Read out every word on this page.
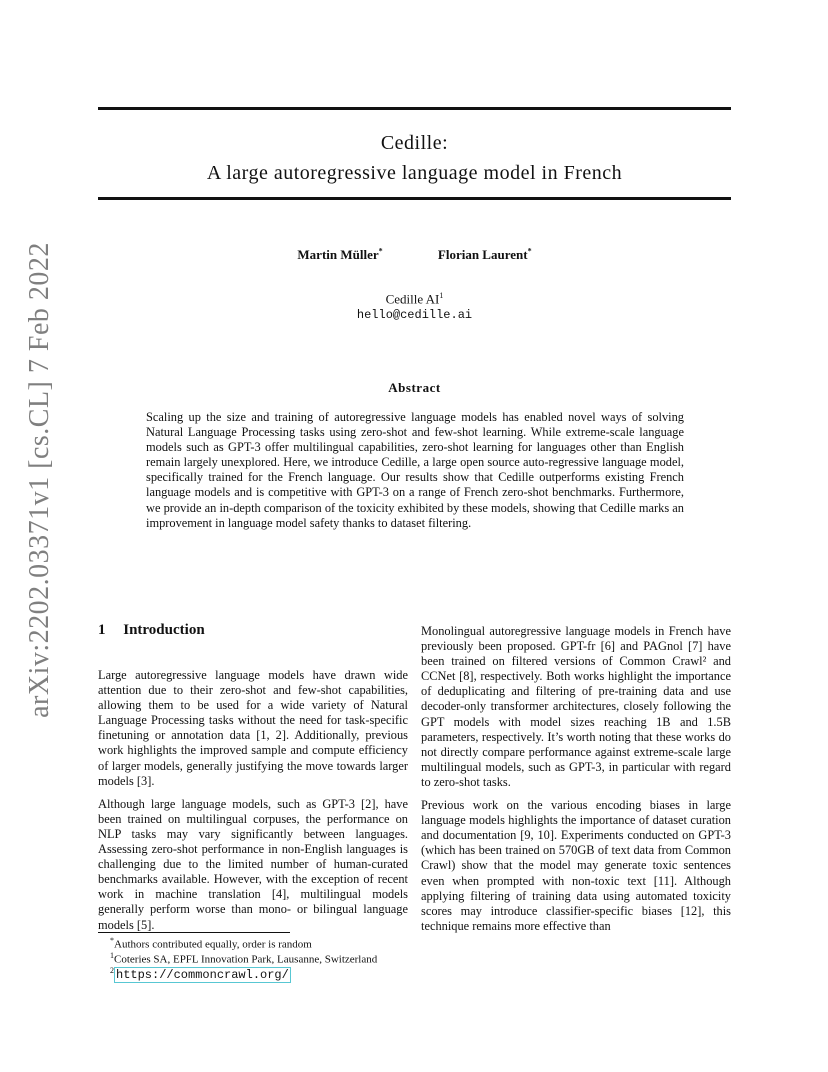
arXiv:2202.03371v1 [cs.CL] 7 Feb 2022
Cedille:
A large autoregressive language model in French
Martin Müller*	Florian Laurent*
Cedille $AI^1$
hello@cedille.ai
Abstract
Scaling up the size and training of autoregressive language models has enabled novel ways of solving Natural Language Processing tasks using zero-shot and few-shot learning. While extreme-scale language models such as GPT-3 offer multilingual capabilities, zero-shot learning for languages other than English remain largely unexplored. Here, we introduce Cedille, a large open source auto-regressive language model, specifically trained for the French language. Our results show that Cedille outperforms existing French language models and is competitive with GPT-3 on a range of French zero-shot benchmarks. Furthermore, we provide an in-depth comparison of the toxicity exhibited by these models, showing that Cedille marks an improvement in language model safety thanks to dataset filtering.
1 Introduction

Large autoregressive language models have drawn wide attention due to their zero-shot and few-shot capabilities, allowing them to be used for a wide variety of Natural Language Processing tasks without the need for task-specific finetuning or annotation data [1, 2]. Additionally, previous work highlights the improved sample and compute efficiency of larger models, generally justifying the move towards larger models [3].

Although large language models, such as GPT-3 [2], have been trained on multilingual corpuses, the performance on NLP tasks may vary significantly between languages. Assessing zero-shot performance in non-English languages is challenging due to the limited number of human-curated benchmarks available. However, with the exception of recent work in machine translation [4], multilingual models generally perform worse than mono- or bilingual language models [5].

Monolingual autoregressive language models in French have previously been proposed. GPT-fr [6] and PAGnol [7] have been trained on filtered versions of Common Crawl² and CCNet [8], respectively. Both works highlight the importance of deduplicating and filtering of pre-training data and use decoder-only transformer architectures, closely following the GPT models with model sizes reaching 1B and 1.5B parameters, respectively. It’s worth noting that these works do not directly compare performance against extreme-scale large multilingual models, such as GPT-3, in particular with regard to zero-shot tasks.

Previous work on the various encoding biases in large language models highlights the importance of dataset curation and documentation [9, 10]. Experiments conducted on GPT-3 (which has been trained on 570GB of text data from Common Crawl) show that the model may generate toxic sentences even when prompted with non-toxic text [11]. Although applying filtering of training data using automated toxicity scores may introduce classifier-specific biases [12], this technique remains more effective than

*Authors contributed equally, order is random
$^1$Coteries SA, EPFL Innovation Park, Lausanne, Switzerland
$^2$ https://commoncrawl.org/
